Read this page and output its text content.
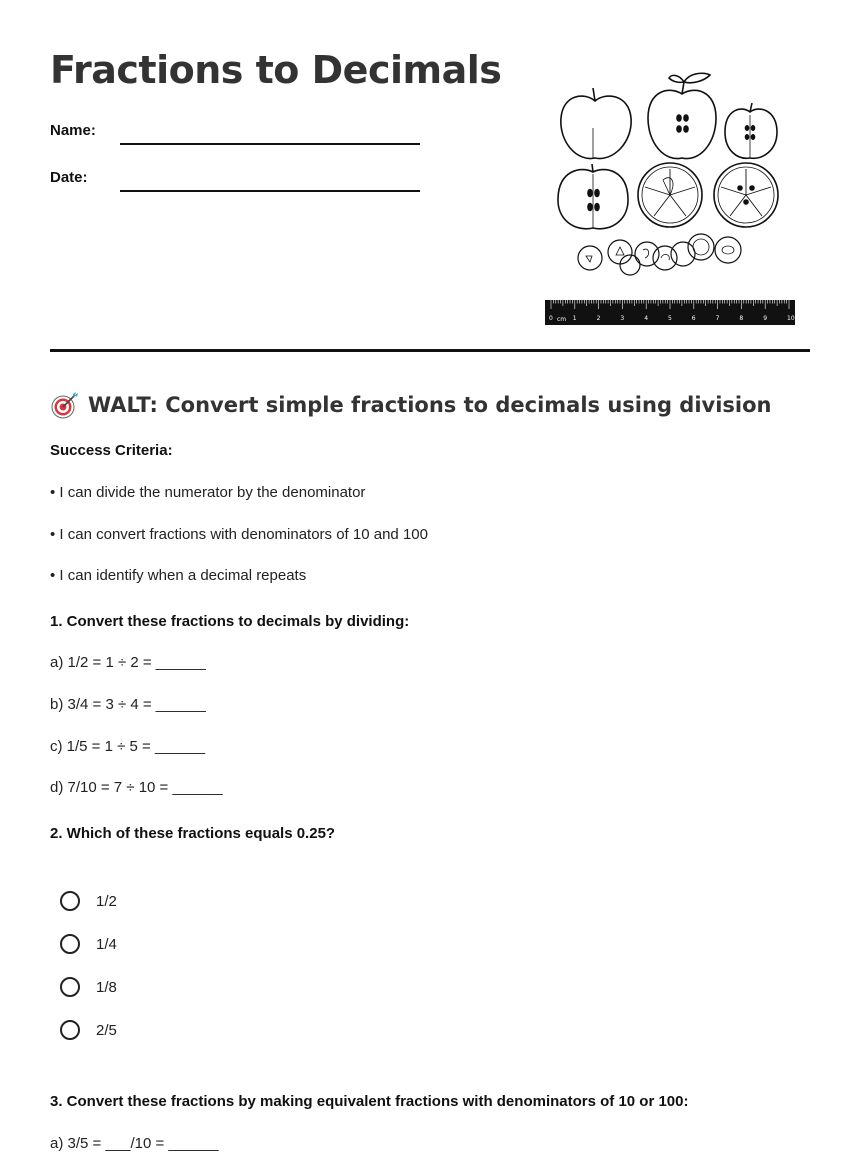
Fractions to Decimals
Name:
Date:
0	1	2	3	4	5	6	7	8	9	10
cm
WALT: Convert simple fractions to decimals using division

Success Criteria:

• I can divide the numerator by the denominator
• I can convert fractions with denominators of 10 and 100
• I can identify when a decimal repeats

1. Convert these fractions to decimals by dividing:

a) 1/2 = 1 ÷ 2 = ______
b) 3/4 = 3 ÷ 4 = ______
c) 1/5 = 1 ÷ 5 = ______
d) 7/10 = 7 ÷ 10 = ______

2. Which of these fractions equals 0.25?

1/2
1/4
1/8
2/5

3. Convert these fractions by making equivalent fractions with denominators of 10 or 100:

a) 3/5 = ___/10 = ______
